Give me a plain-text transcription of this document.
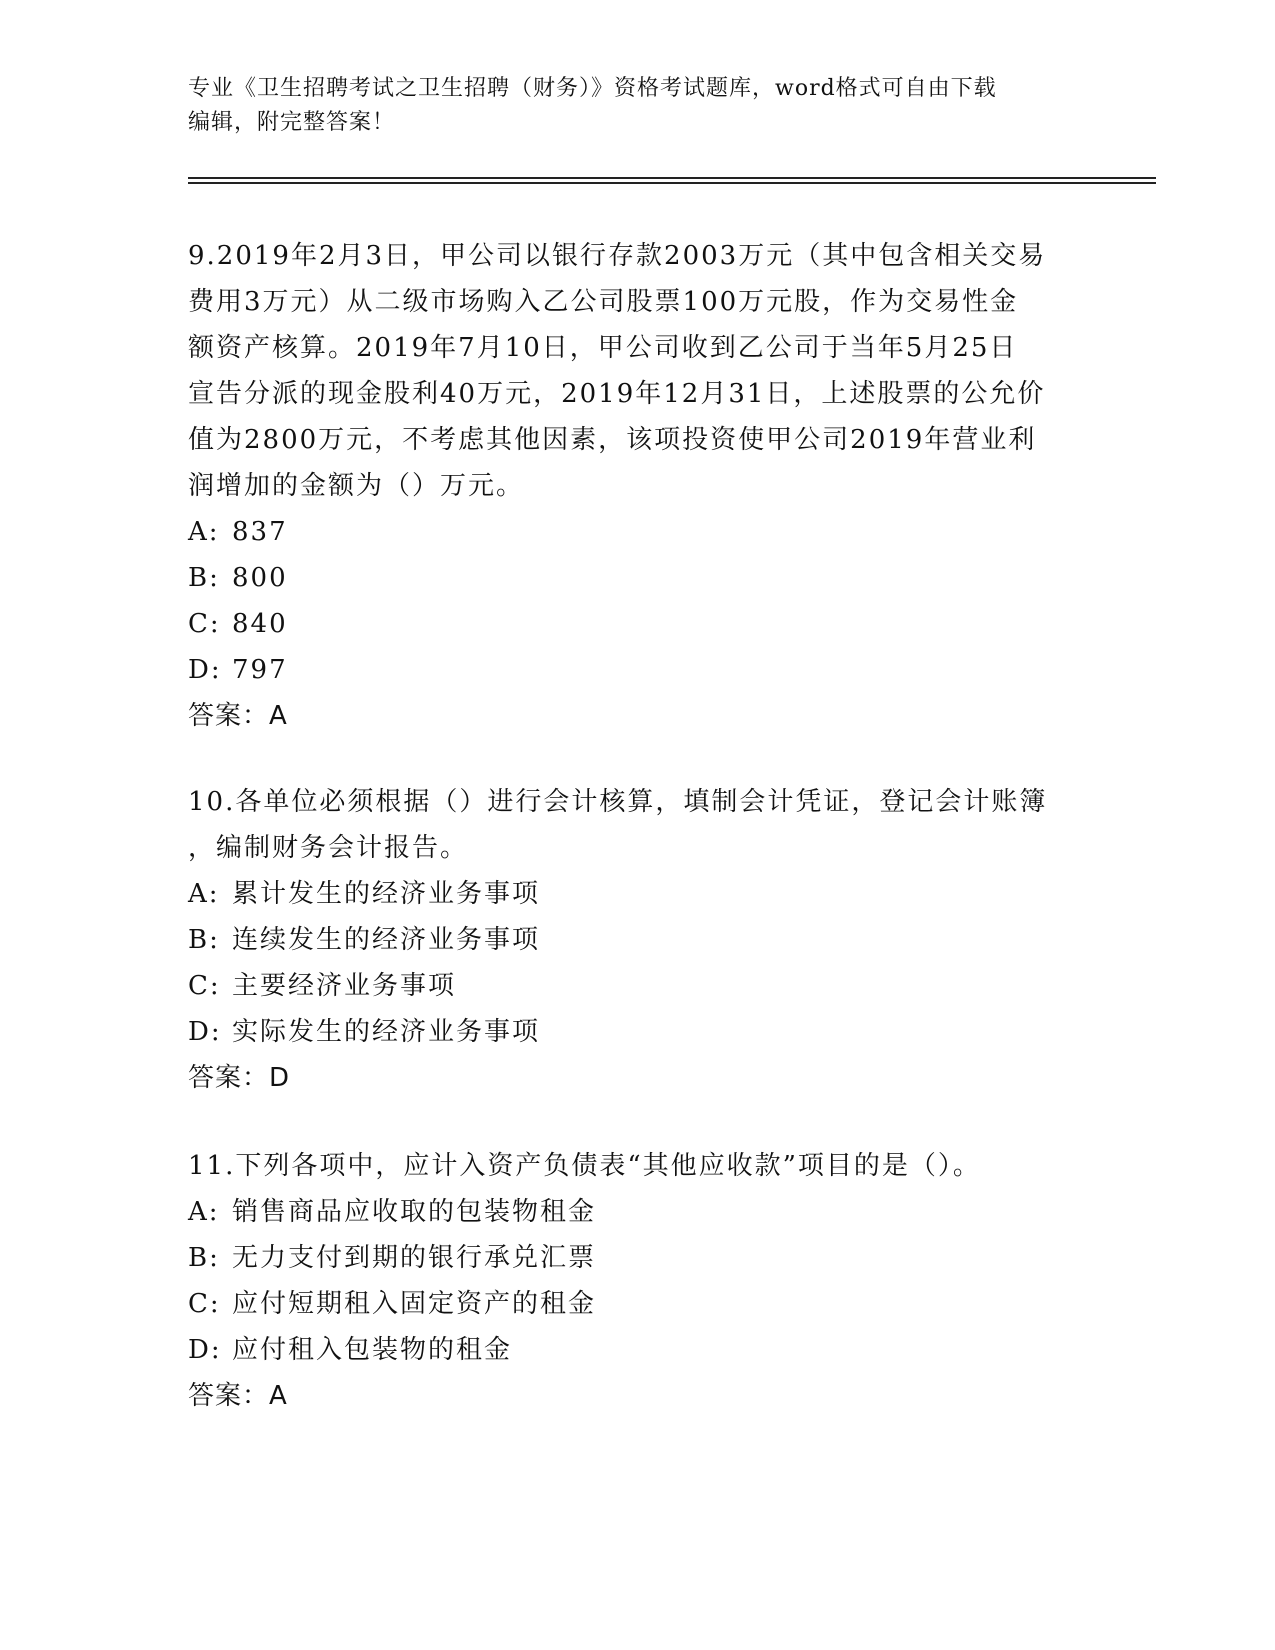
专业《卫生招聘考试之卫生招聘（财务）》资格考试题库，word格式可自由下载
编辑，附完整答案！
9.2019年2月3日，甲公司以银行存款2003万元（其中包含相关交易
费用3万元）从二级市场购入乙公司股票100万元股，作为交易性金
额资产核算。2019年7月10日，甲公司收到乙公司于当年5月25日
宣告分派的现金股利40万元，2019年12月31日，上述股票的公允价
值为2800万元，不考虑其他因素，该项投资使甲公司2019年营业利
润增加的金额为（）万元。
A: 837
B: 800
C: 840
D: 797
答案：A
10.各单位必须根据（）进行会计核算，填制会计凭证，登记会计账簿
，编制财务会计报告。
A: 累计发生的经济业务事项
B: 连续发生的经济业务事项
C: 主要经济业务事项
D: 实际发生的经济业务事项
答案：D
11.下列各项中，应计入资产负债表“其他应收款”项目的是（）。
A: 销售商品应收取的包装物租金
B: 无力支付到期的银行承兑汇票
C: 应付短期租入固定资产的租金
D: 应付租入包装物的租金
答案：A
